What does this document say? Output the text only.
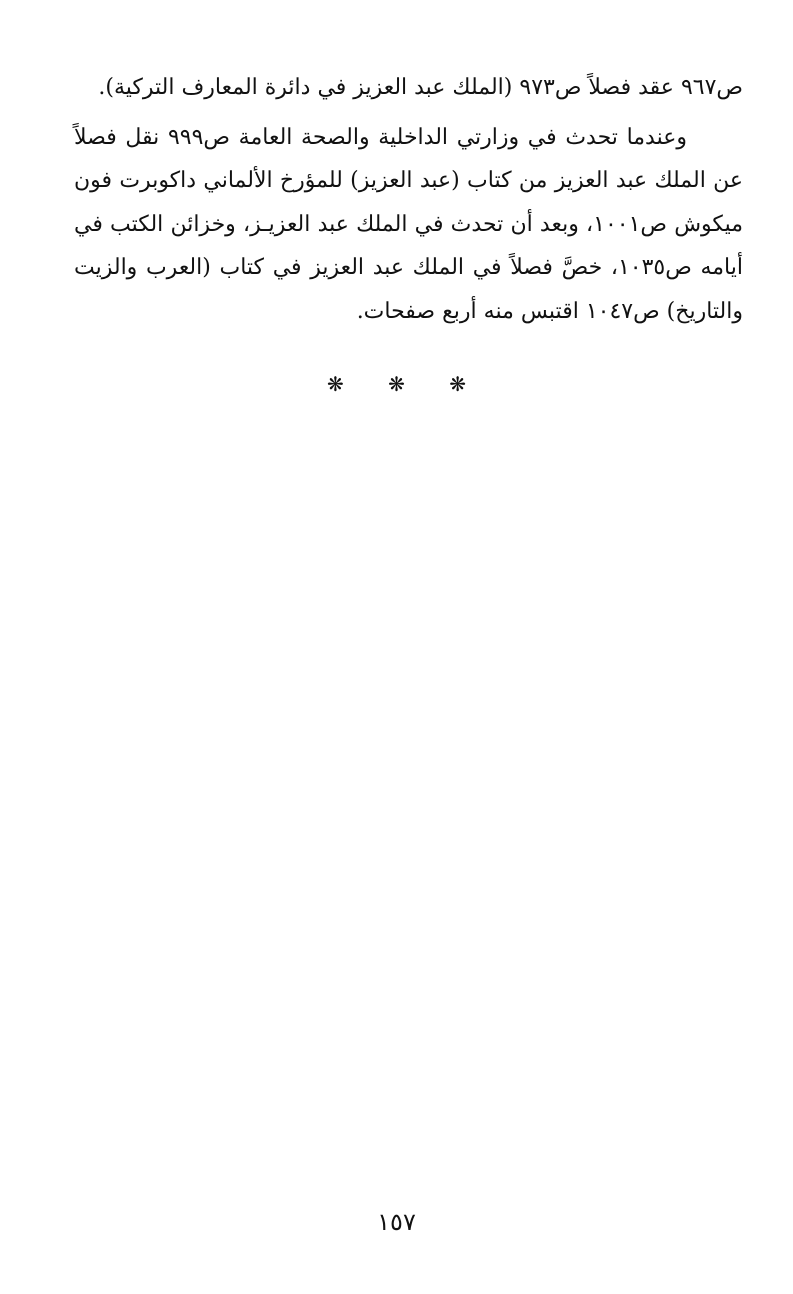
ص٩٦٧ عقد فصلاً ص٩٧٣ (الملك عبد العزيز في دائرة المعارف التركية).

وعندما تحدث في وزارتي الداخلية والصحة العامة ص٩٩٩ نقل فصلاً عن الملك عبد العزيز من كتاب (عبد العزيز) للمؤرخ الألماني داكوبرت فون ميكوش ص١٠٠١، وبعد أن تحدث في الملك عبد العزيـز، وخزائن الكتب في أيامه ص١٠٣٥، خصَّ فصلاً في الملك عبد العزيز في كتاب (العرب والزيت والتاريخ) ص١٠٤٧ اقتبس منه أربع صفحات.

❋ ❋ ❋
١٥٧
